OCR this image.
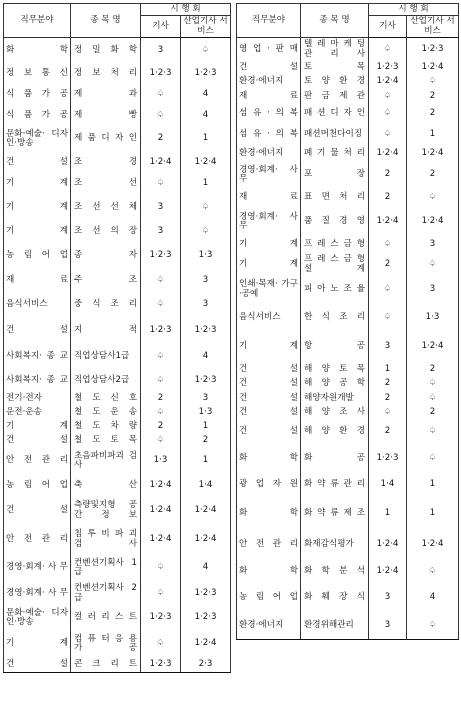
직무분야	종 목 명	시 행 회	
		기사	산업기사 서비스
화 학	정 밀 화 학	3	♤
정 보 통 신	정 보 처 리	1·2·3	1·2·3
식 품 가 공	제 과	♤	4
식 품 가 공	제 빵	♤	4
문화·예술· 디자인·방송	제 품 디 자 인	2	1
건 설	조 경	1·2·4	1·2·4
기 계	조 선	♤	1
기 계	조 선 선 체	3	♤
기 계	조 선 의 장	3	♤
농 림 어 업	종 자	1·2·3	1·3
재 료	주 조	♤	3
음식서비스	중 식 조 리	♤	3
건 설	지 적	1·2·3	1·2·3
사회복지· 종 교	직업상담사1급	♤	4
사회복지· 종 교	직업상담사2급	♤	1·2·3
전기·전자	철 도 신 호	2	3
운전·운송	철 도 운 송	♤	1·3
기 계	철 도 차 량	2	1
건 설	철 도 토 목	♤	2
안 전 관 리	초음파비파괴 검 사	1·3	1
농 림 어 업	축 산	1·2·4	1·4
건 설	측량및지형 공 간 정 보	1·2·4	1·2·4
안 전 관 리	침 투 비 파 괴 검 사	1·2·4	1·2·4
경영·회계· 사 무	컨벤션기획사 1 급	♤	4
경영·회계· 사 무	컨벤션기획사 2 급	♤	1·2·3
문화·예술· 디자인·방송	컬 러 리 스 트	1·2·3	1·2·3
기 계	컴 퓨 터 응 용 가 공	♤	1·2·4
건 설	콘 크 리 트	1·2·3	2·3
직무분야	종 목 명	시 행 회	
		기사	산업기사 서비스
영 업 · 판 매	텔 레 마 케 팅 관 리 사	♤	1·2·3
건 설	토 목	1·2·3	1·2·4
환경·에너지	토 양 환 경	1·2·4	♤
재 료	판 금 제 관	♤	2
섬 유 · 의 복	패 션 디 자 인	♤	2
섬 유 · 의 복	패션머천다이징	♤	1
환경·에너지	폐 기 물 처 리	1·2·4	1·2·4
경영·회계· 사 무	포 장	2	2
재 료	표 면 처 리	2	♤
경영·회계· 사 무	품 질 경 영	1·2·4	1·2·4
기 계	프 레 스 금 형	♤	3
기 계	프 레 스 금 형 설 계	2	♤
인쇄·목재· 가구·공예	피 아 노 조 율	♤	3
음식서비스	한 식 조 리	♤	1·3
기 계	항 공	3	1·2·4
건 설	해 양 토 목	1	2
건 설	해 양 공 학	2	♤
건 설	해양자원개발	2	♤
건 설	해 양 조 사	♤	2
건 설	해 양 환 경	2	♤
화 학	화 공	1·2·3	♤
광 업 자 원	화 약 류 관 리	1·4	1
화 학	화 약 류 제 조	1	1
안 전 관 리	화재감식평가	1·2·4	1·2·4
화 학	화 학 분 석	1·2·4	♤
농 림 어 업	화 훼 장 식	3	4
환경·에너지	환경위해관리	3	♤
